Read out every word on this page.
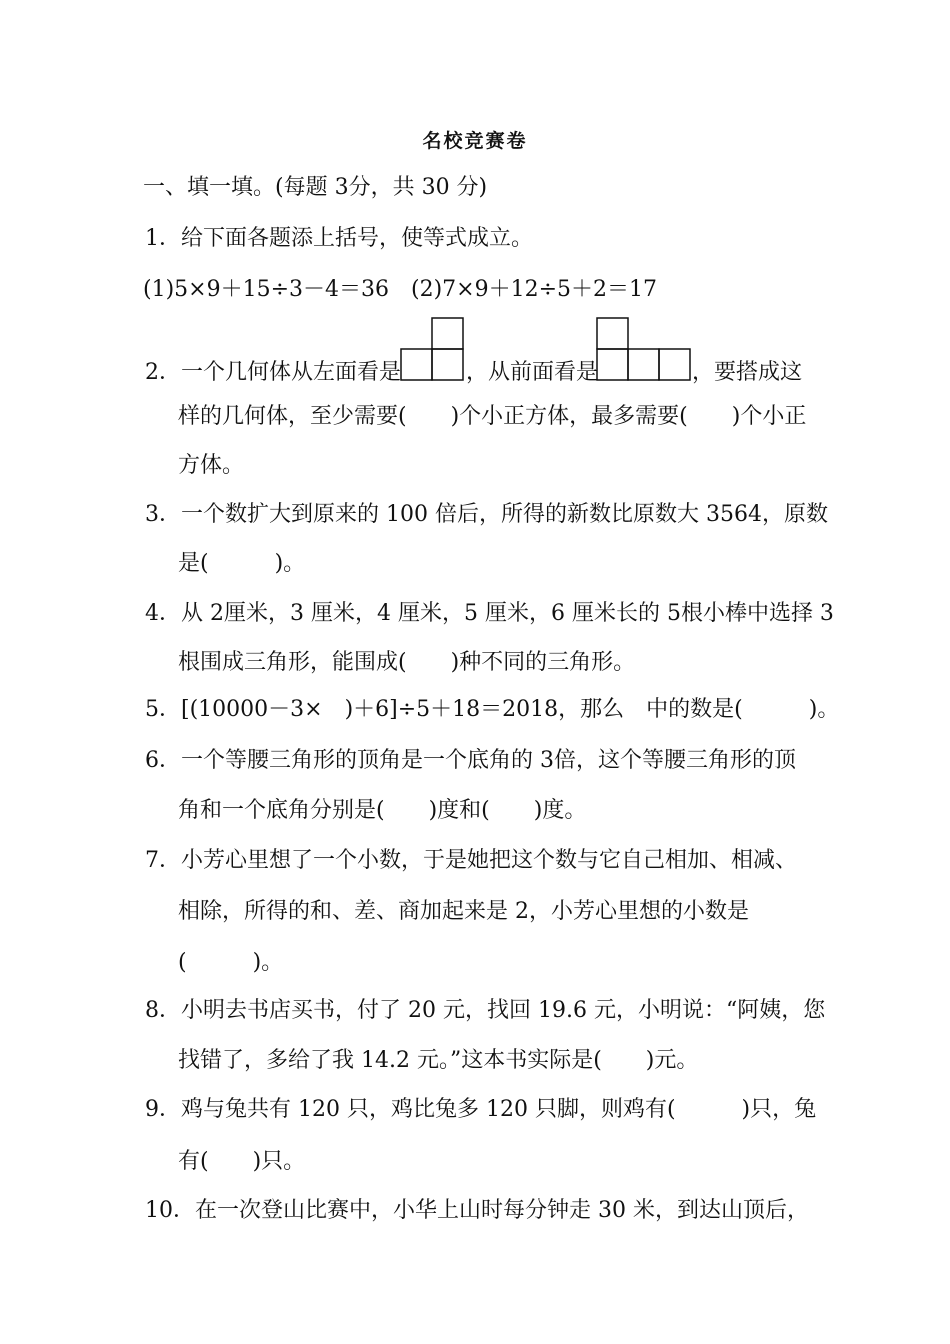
名校竞赛卷
一、填一填。(每题 3分，共 30 分)
1．给下面各题添上括号，使等式成立。
(1)5×9＋15÷3－4＝36　(2)7×9＋12÷5＋2＝17
2．一个几何体从左面看是	，从前面看是	，要搭成这
样的几何体，至少需要(　　)个小正方体，最多需要(　　)个小正
方体。
3．一个数扩大到原来的 100 倍后，所得的新数比原数大 3564，原数
是(　　　)。
4．从 2厘米，3 厘米，4 厘米，5 厘米，6 厘米长的 5根小棒中选择 3
根围成三角形，能围成(　　)种不同的三角形。
5．[(10000－3×　)＋6]÷5＋18＝2018，那么　中的数是(　　　)。
6．一个等腰三角形的顶角是一个底角的 3倍，这个等腰三角形的顶
角和一个底角分别是(　　)度和(　　)度。
7．小芳心里想了一个小数，于是她把这个数与它自己相加、相减、
相除，所得的和、差、商加起来是 2，小芳心里想的小数是
(　　　)。
8．小明去书店买书，付了 20 元，找回 19.6 元，小明说：“阿姨，您
找错了，多给了我 14.2 元。”这本书实际是(　　)元。
9．鸡与兔共有 120 只，鸡比兔多 120 只脚，则鸡有(　　　)只，兔
有(　　)只。
10．在一次登山比赛中，小华上山时每分钟走 30 米，到达山顶后，
